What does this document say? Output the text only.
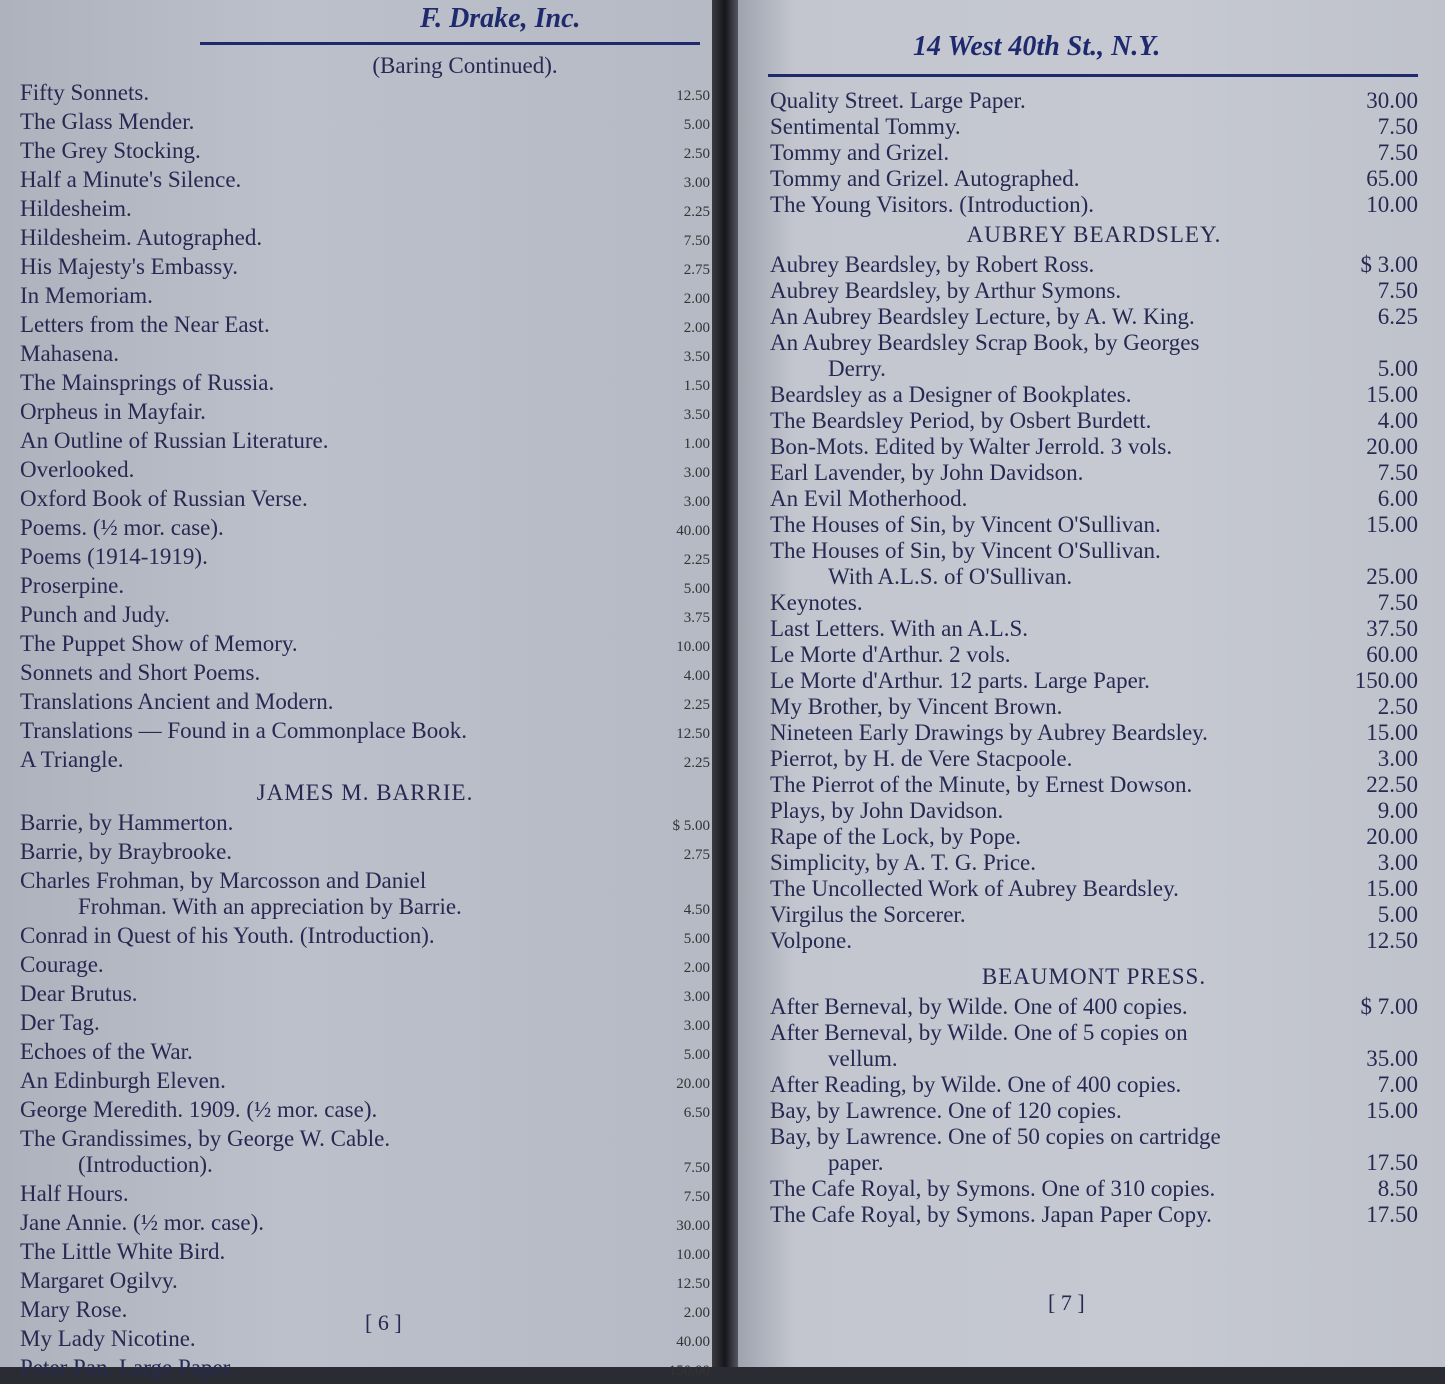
F. Drake, Inc.
(Baring Continued).
Fifty Sonnets.	12.50
The Glass Mender.	5.00
The Grey Stocking.	2.50
Half a Minute's Silence.	3.00
Hildesheim.	2.25
Hildesheim. Autographed.	7.50
His Majesty's Embassy.	2.75
In Memoriam.	2.00
Letters from the Near East.	2.00
Mahasena.	3.50
The Mainsprings of Russia.	1.50
Orpheus in Mayfair.	3.50
An Outline of Russian Literature.	1.00
Overlooked.	3.00
Oxford Book of Russian Verse.	3.00
Poems. (½ mor. case).	40.00
Poems (1914-1919).	2.25
Proserpine.	5.00
Punch and Judy.	3.75
The Puppet Show of Memory.	10.00
Sonnets and Short Poems.	4.00
Translations Ancient and Modern.	2.25
Translations — Found in a Commonplace Book.	12.50
A Triangle.	2.25
JAMES M. BARRIE.
Barrie, by Hammerton.	$ 5.00
Barrie, by Braybrooke.	2.75
Charles Frohman, by Marcosson and Daniel
Frohman. With an appreciation by Barrie.	4.50
Conrad in Quest of his Youth. (Introduction).	5.00
Courage.	2.00
Dear Brutus.	3.00
Der Tag.	3.00
Echoes of the War.	5.00
An Edinburgh Eleven.	20.00
George Meredith. 1909. (½ mor. case).	6.50
The Grandissimes, by George W. Cable.
(Introduction).	7.50
Half Hours.	7.50
Jane Annie. (½ mor. case).	30.00
The Little White Bird.	10.00
Margaret Ogilvy.	12.50
Mary Rose.	2.00
My Lady Nicotine.	40.00
Peter Pan. Large Paper.	150.00
[ 6 ]
14 West 40th St., N.Y.
Quality Street. Large Paper.	30.00
Sentimental Tommy.	7.50
Tommy and Grizel.	7.50
Tommy and Grizel. Autographed.	65.00
The Young Visitors. (Introduction).	10.00
AUBREY BEARDSLEY.
Aubrey Beardsley, by Robert Ross.	$ 3.00
Aubrey Beardsley, by Arthur Symons.	7.50
An Aubrey Beardsley Lecture, by A. W. King.	6.25
An Aubrey Beardsley Scrap Book, by Georges
Derry.	5.00
Beardsley as a Designer of Bookplates.	15.00
The Beardsley Period, by Osbert Burdett.	4.00
Bon-Mots. Edited by Walter Jerrold. 3 vols.	20.00
Earl Lavender, by John Davidson.	7.50
An Evil Motherhood.	6.00
The Houses of Sin, by Vincent O'Sullivan.	15.00
The Houses of Sin, by Vincent O'Sullivan.
With A.L.S. of O'Sullivan.	25.00
Keynotes.	7.50
Last Letters. With an A.L.S.	37.50
Le Morte d'Arthur. 2 vols.	60.00
Le Morte d'Arthur. 12 parts. Large Paper.	150.00
My Brother, by Vincent Brown.	2.50
Nineteen Early Drawings by Aubrey Beardsley.	15.00
Pierrot, by H. de Vere Stacpoole.	3.00
The Pierrot of the Minute, by Ernest Dowson.	22.50
Plays, by John Davidson.	9.00
Rape of the Lock, by Pope.	20.00
Simplicity, by A. T. G. Price.	3.00
The Uncollected Work of Aubrey Beardsley.	15.00
Virgilus the Sorcerer.	5.00
Volpone.	12.50
BEAUMONT PRESS.
After Berneval, by Wilde. One of 400 copies.	$ 7.00
After Berneval, by Wilde. One of 5 copies on
vellum.	35.00
After Reading, by Wilde. One of 400 copies.	7.00
Bay, by Lawrence. One of 120 copies.	15.00
Bay, by Lawrence. One of 50 copies on cartridge
paper.	17.50
The Cafe Royal, by Symons. One of 310 copies.	8.50
The Cafe Royal, by Symons. Japan Paper Copy.	17.50
[ 7 ]
